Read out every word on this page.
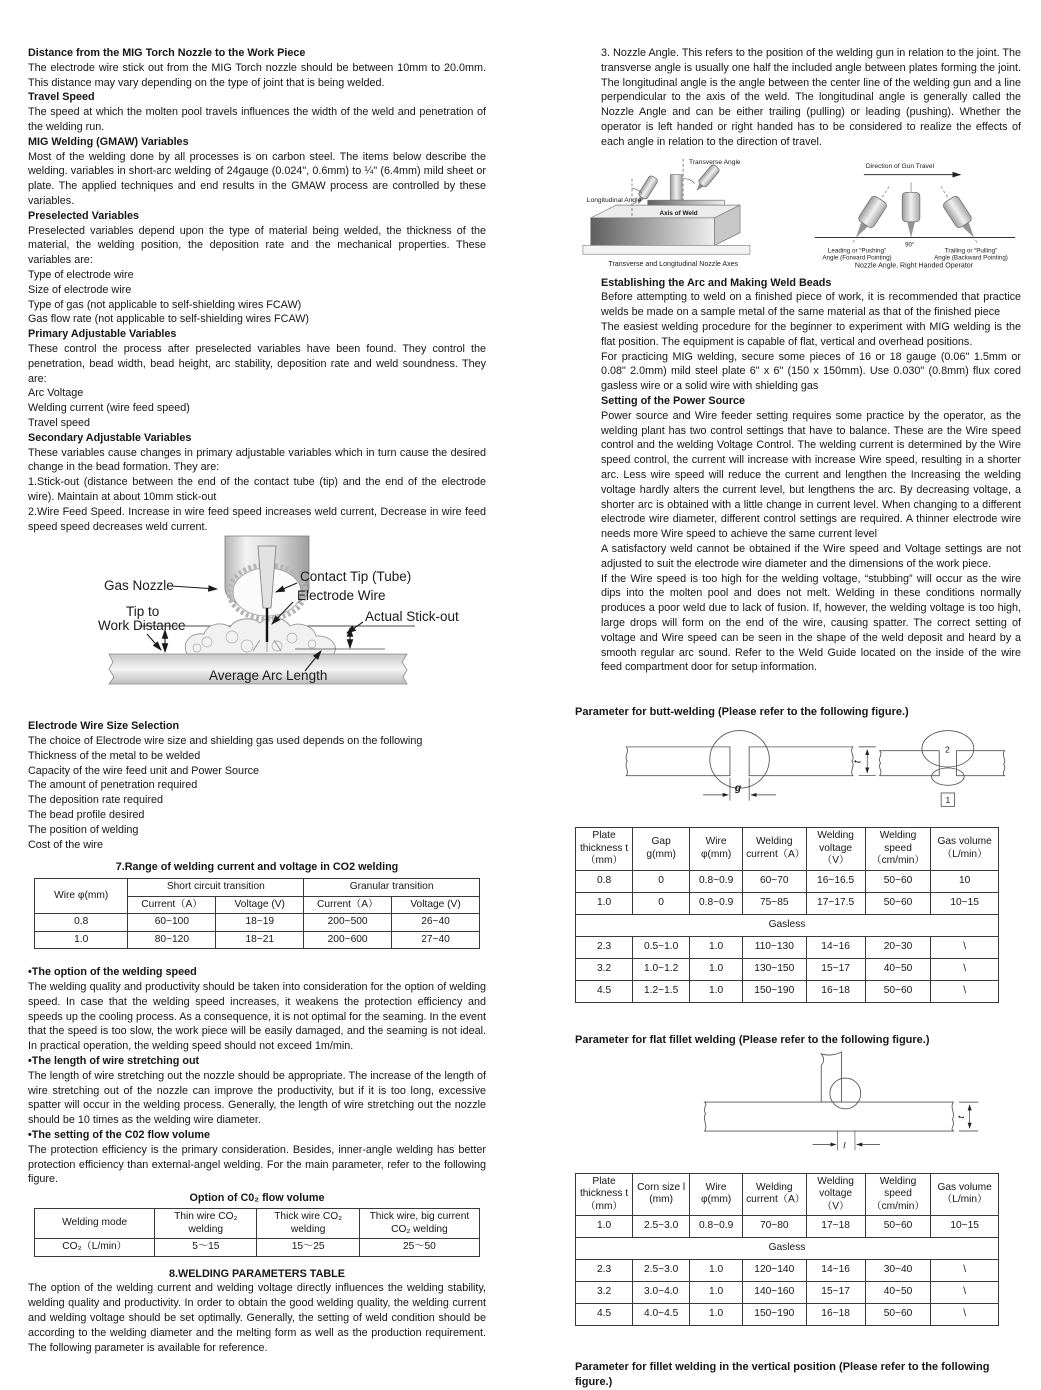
Distance from the MIG Torch Nozzle to the Work Piece

The electrode wire stick out from the MIG Torch nozzle should be between 10mm to 20.0mm. This distance may vary depending on the type of joint that is being welded.

Travel Speed

The speed at which the molten pool travels influences the width of the weld and penetration of the welding run.

MIG Welding (GMAW) Variables

Most of the welding done by all processes is on carbon steel. The items below describe the welding. variables in short-arc welding of 24gauge (0.024", 0.6mm) to ¼" (6.4mm) mild sheet or plate. The applied techniques and end results in the GMAW process are controlled by these variables.

Preselected Variables

Preselected variables depend upon the type of material being welded, the thickness of the material, the welding position, the deposition rate and the mechanical properties. These variables are:

Type of electrode wire
Size of electrode wire
Type of gas (not applicable to self-shielding wires FCAW)
Gas flow rate (not applicable to self-shielding wires FCAW)
Primary Adjustable Variables

These control the process after preselected variables have been found. They control the penetration, bead width, bead height, arc stability, deposition rate and weld soundness. They are:

Arc Voltage
Welding current (wire feed speed)
Travel speed
Secondary Adjustable Variables

These variables cause changes in primary adjustable variables which in turn cause the desired change in the bead formation. They are:

1.Stick-out (distance between the end of the contact tube (tip) and the end of the electrode wire). Maintain at about 10mm stick-out

2.Wire Feed Speed. Increase in wire feed speed increases weld current, Decrease in wire feed speed speed decreases weld current.

Gas Nozzle
Tip to
Work Distance
Contact Tip (Tube)
Electrode Wire
Actual Stick-out
Average Arc Length
Electrode Wire Size Selection
The choice of Electrode wire size and shielding gas used depends on the following
Thickness of the metal to be welded
Capacity of the wire feed unit and Power Source
The amount of penetration required
The deposition rate required
The bead profile desired
The position of welding
Cost of the wire
7.Range of welding current and voltage in CO2 welding
Wire φ(mm)	Short circuit transition		Granular transition	
	Current（A）	Voltage (V)	Current（A）	Voltage (V)
0.8	60~100	18~19	200~500	26~40
1.0	80~120	18~21	200~600	27~40
•The option of the welding speed

The welding quality and productivity should be taken into consideration for the option of welding speed. In case that the welding speed increases, it weakens the protection efficiency and speeds up the cooling process. As a consequence, it is not optimal for the seaming. In the event that the speed is too slow, the work piece will be easily damaged, and the seaming is not ideal. In practical operation, the welding speed should not exceed 1m/min.

•The length of wire stretching out

The length of wire stretching out the nozzle should be appropriate. The increase of the length of wire stretching out of the nozzle can improve the productivity, but if it is too long, excessive spatter will occur in the welding process. Generally, the length of wire stretching out the nozzle should be 10 times as the welding wire diameter.

•The setting of the C02 flow volume

The protection efficiency is the primary consideration. Besides, inner-angle welding has better protection efficiency than external-angel welding. For the main parameter, refer to the following figure.

Option of C0₂ flow volume
Welding mode	Thin wire CO₂ welding	Thick wire CO₂ welding	Thick wire, big current CO₂ welding
CO₂（L/min）	5～15	15～25	25～50
8.WELDING PARAMETERS TABLE

The option of the welding current and welding voltage directly influences the welding stability, welding quality and productivity. In order to obtain the good welding quality, the welding current and welding voltage should be set optimally. Generally, the setting of weld condition should be according to the welding diameter and the melting form as well as the production requirement. The following parameter is available for reference.

3. Nozzle Angle. This refers to the position of the welding gun in relation to the joint. The transverse angle is usually one half the included angle between plates forming the joint. The longitudinal angle is the angle between the center line of the welding gun and a line perpendicular to the axis of the weld. The longitudinal angle is generally called the Nozzle Angle and can be either trailing (pulling) or leading (pushing). Whether the operator is left handed or right handed has to be considered to realize the effects of each angle in relation to the direction of travel.

Transverse Angle
Longitudinal Angle
Axis of Weld
Transverse and Longitudinal Nozzle Axes
Direction of Gun Travel
90°
Leading or “Pushing”
Angle (Forward Pointing)
Trailing or “Pulling”
Angle (Backward Pointing)
Nozzle Angle, Right Handed Operator
Establishing the Arc and Making Weld Beads

Before attempting to weld on a finished piece of work, it is recommended that practice welds be made on a sample metal of the same material as that of the finished piece

The easiest welding procedure for the beginner to experiment with MIG welding is the flat position. The equipment is capable of flat, vertical and overhead positions.

For practicing MIG welding, secure some pieces of 16 or 18 gauge (0.06" 1.5mm or 0.08" 2.0mm) mild steel plate 6" x 6" (150 x 150mm). Use 0.030" (0.8mm) flux cored gasless wire or a solid wire with shielding gas

Setting of the Power Source

Power source and Wire feeder setting requires some practice by the operator, as the welding plant has two control settings that have to balance. These are the Wire speed control and the welding Voltage Control. The welding current is determined by the Wire speed control, the current will increase with increase Wire speed, resulting in a shorter arc. Less wire speed will reduce the current and lengthen the Increasing the welding voltage hardly alters the current level, but lengthens the arc. By decreasing voltage, a shorter arc is obtained with a little change in current level. When changing to a different electrode wire diameter, different control settings are required. A thinner electrode wire needs more Wire speed to achieve the same current level

A satisfactory weld cannot be obtained if the Wire speed and Voltage settings are not adjusted to suit the electrode wire diameter and the dimensions of the work piece.

If the Wire speed is too high for the welding voltage, “stubbing” will occur as the wire dips into the molten pool and does not melt. Welding in these conditions normally produces a poor weld due to lack of fusion. If, however, the welding voltage is too high, large drops will form on the end of the wire, causing spatter. The correct setting of voltage and Wire speed can be seen in the shape of the weld deposit and heard by a smooth regular arc sound. Refer to the Weld Guide located on the inside of the wire feed compartment door for setup information.

Parameter for butt-welding (Please refer to the following figure.)
t
g
2
1
Plate thickness t（mm）	Gap g(mm)	Wire φ(mm)	Welding current（A）	Welding voltage（V）	Welding speed（cm/min）	Gas volume（L/min）
0.8	0	0.8~0.9	60~70	16~16.5	50~60	10
1.0	0	0.8~0.9	75~85	17~17.5	50~60	10~15
Gasless						
2.3	0.5~1.0	1.0	110~130	14~16	20~30	\
3.2	1.0~1.2	1.0	130~150	15~17	40~50	\
4.5	1.2~1.5	1.0	150~190	16~18	50~60	\
Parameter for flat fillet welding (Please refer to the following figure.)
t
l
Plate thickness t（mm）	Corn size l (mm)	Wire φ(mm)	Welding current（A）	Welding voltage（V）	Welding speed（cm/min）	Gas volume（L/min）
1.0	2.5~3.0	0.8~0.9	70~80	17~18	50~60	10~15
Gasless						
2.3	2.5~3.0	1.0	120~140	14~16	30~40	\
3.2	3.0~4.0	1.0	140~160	15~17	40~50	\
4.5	4.0~4.5	1.0	150~190	16~18	50~60	\
Parameter for fillet welding in the vertical position (Please refer to the following figure.)
